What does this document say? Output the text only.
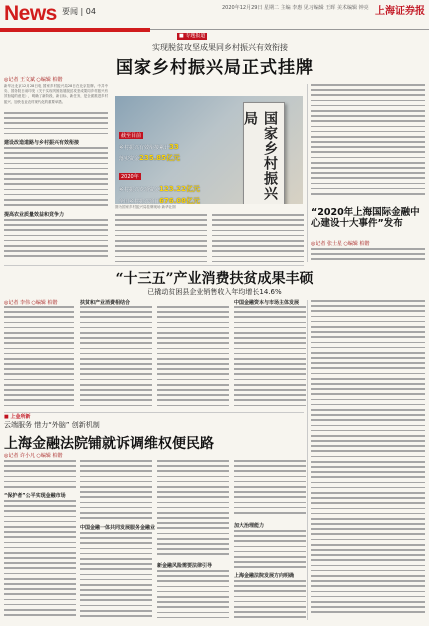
News 要闻 | 04	2020年12月29日 星期二 主编 李惠 见习编辑 王晖 美术编辑 钟亮 上海证券报
■ 专题报道
实现脱贫攻坚成果同乡村振兴有效衔接
国家乡村振兴局正式挂牌
◎记者 王文斌 ○编辑 柏锴
新华社北京12月28日电 国家乡村振兴局28日在北京挂牌。中共中央、国务院日前印发《关于实现巩固拓展脱贫攻坚成果同乡村振兴有效衔接的意见》，明确了新阶段、新目标、新任务，是全面推进乡村振兴、加快农业农村现代化的重要举措。
建设改造道路与乡村振兴有效衔接
提高农业质量效益和竞争力
截至目前
乡村振兴有效衔接累计33
落实资金235.85亿元
2020年
乡村振兴专项资金123.22亿元
全国乡村振兴项目676.08亿元	国家乡村振兴局
图为国家乡村振兴局挂牌现场 新华社图	“2020年上海国际金融中心建设十大事件”发布
◎记者 张士星 ○编辑 柏锴
“十三五”产业消费扶贫成果丰硕
已撬动贫困县企业销售收入年均增长14.6%
◎记者 李伟 ○编辑 柏锴	扶贫和产业消费相结合	中国金融资本与市场主体发展
■ 上金所新
云端服务 惜力“外脑” 创新机制
上海金融法院铺就诉调维权便民路
◎记者 许小凡 ○编辑 柏锴
“保护者”公平实现金融市场
中国金融一体共同发展服务金融业
新金融风险需要法律引导
加大治理能力
上海金融法院发展方向明确
